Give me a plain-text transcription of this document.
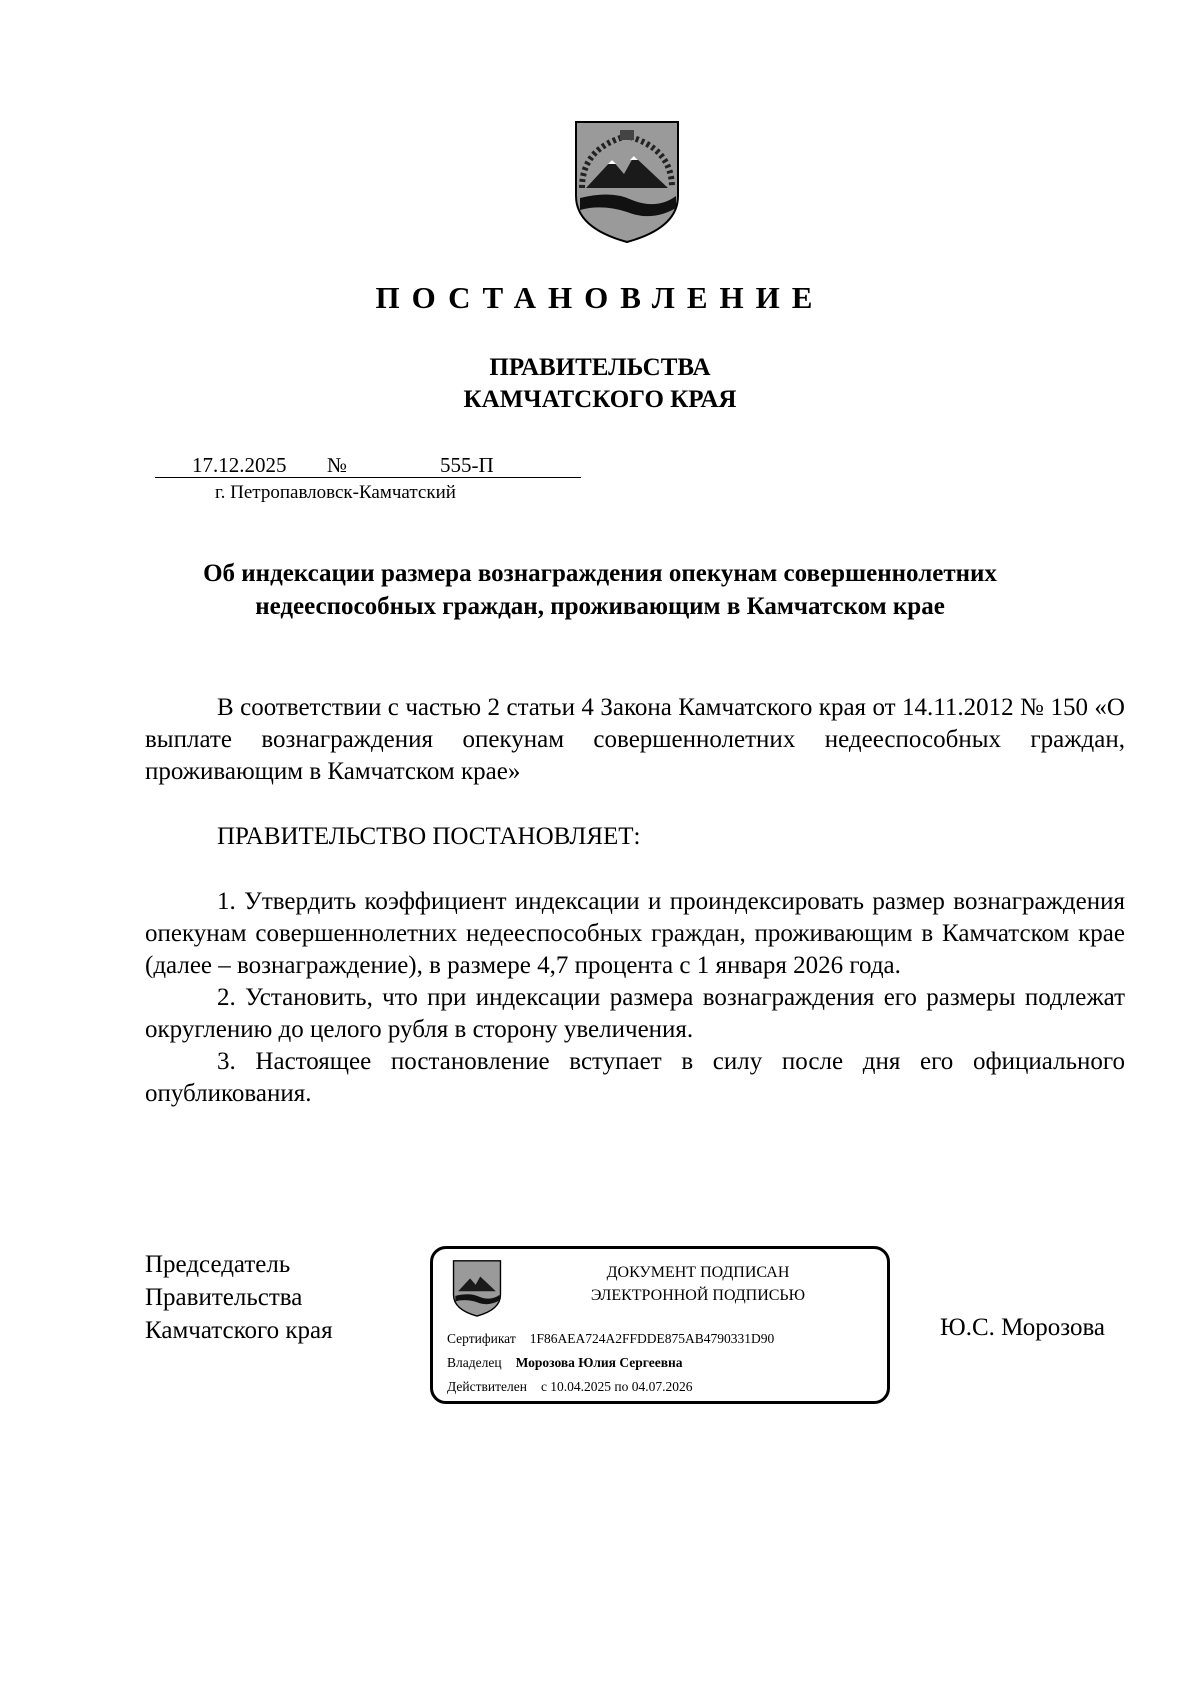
ПОСТАНОВЛЕНИЕ
ПРАВИТЕЛЬСТВА
КАМЧАТСКОГО КРАЯ
17.12.2025 №	555-П
г. Петропавловск-Камчатский
Об индексации размера вознаграждения опекунам совершеннолетних
недееспособных граждан, проживающим в Камчатском крае

В соответствии с частью 2 статьи 4 Закона Камчатского края от 14.11.2012 № 150 «О выплате вознаграждения опекунам совершеннолетних недееспособных граждан, проживающим в Камчатском крае»

ПРАВИТЕЛЬСТВО ПОСТАНОВЛЯЕТ:

1. Утвердить коэффициент индексации и проиндексировать размер вознаграждения опекунам совершеннолетних недееспособных граждан, проживающим в Камчатском крае (далее – вознаграждение), в размере 4,7 процента с 1 января 2026 года.

2. Установить, что при индексации размера вознаграждения его размеры подлежат округлению до целого рубля в сторону увеличения.

3. Настоящее постановление вступает в силу после дня его официального опубликования.

Председатель
Правительства
Камчатского края
ДОКУМЕНТ ПОДПИСАН
ЭЛЕКТРОННОЙ ПОДПИСЬЮ
Сертификат 1F86AEA724A2FFDDE875AB4790331D90
Владелец Морозова Юлия Сергеевна
Действителен с 10.04.2025 по 04.07.2026
Ю.С. Морозова
